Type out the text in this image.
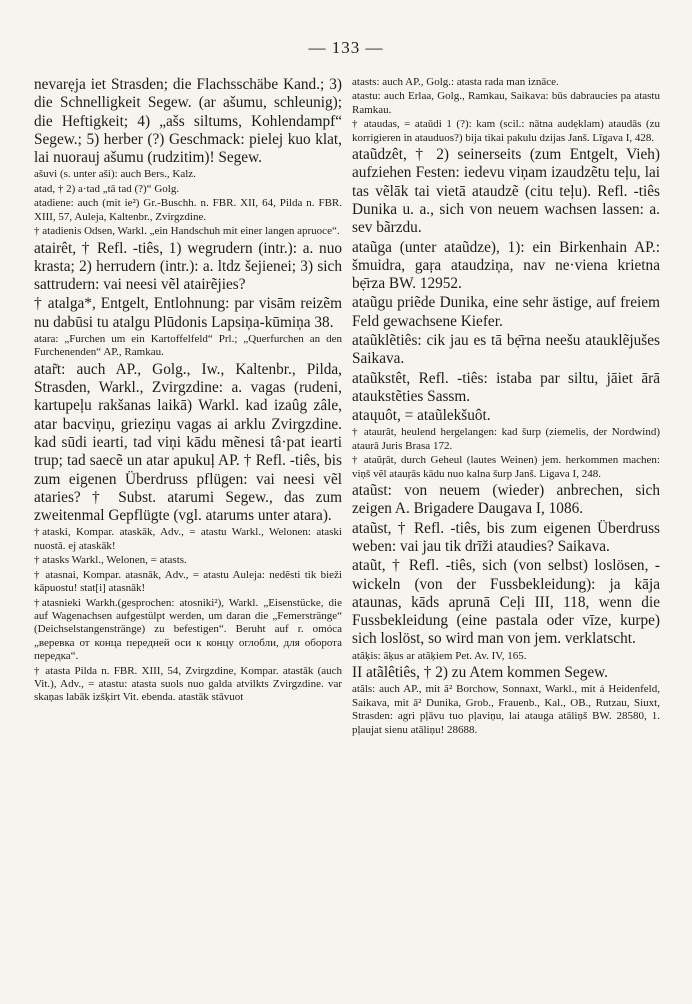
— 133 —

nevarẹja iet Strasden; die Flachsschäbe Kand.; 3) die Schnelligkeit Segew. (ar ašumu, schleunig); die Heftigkeit; 4) „ašs siltums, Kohlendampf“ Segew.; 5) herber (?) Geschmack: pielej kuo klat, lai nuorauj ašumu (rudzitim)! Segew.

ašuvi (s. unter aši): auch Bers., Kalz.

atad, † 2) a·tad „tā tad (?)“ Golg.

atadiene: auch (mit ie²) Gr.-Buschh. n. FBR. XII, 64, Pilda n. FBR. XIII, 57, Auleja, Kaltenbr., Zvirgzdine.

† atadienis Odsen, Warkl. „ein Handschuh mit einer langen apruoce“.

atairêt, † Refl. -tiês, 1) wegrudern (intr.): a. nuo krasta; 2) herrudern (intr.): a. ltdz šejienei; 3) sich sattrudern: vai neesi vẽl atairẽjies?

† atalga*, Entgelt, Entlohnung: par visām reizẽm nu dabūsi tu atalgu Plūdonis Lapsiņa-kūmiņa 38.

atara: „Furchen um ein Kartoffelfeld“ Prl.; „Querfurchen an den Furchenenden“ AP., Ramkau.

atar̃t: auch AP., Golg., Iw., Kaltenbr., Pilda, Strasden, Warkl., Zvirgzdine: a. vagas (rudeni, kartupeļu rakšanas laikā) Warkl. kad izaûg zâle, atar bacviņu, grieziņu vagas ai arklu Zvirgzdine. kad sūdi iearti, tad viņi kādu mẽnesi tâ·pat iearti trup; tad saecẽ un atar apukuļ AP. † Refl. -tiês, bis zum eigenen Überdruss pflügen: vai neesi vẽl ataries? † Subst. atarumi Segew., das zum zweitenmal Gepflügte (vgl. atarums unter atara).

†ataski, Kompar. ataskāk, Adv., = atastu Warkl., Welonen: ataski nuostā. ej ataskāk!

† atasks Warkl., Welonen, = atasts.

† atasnai, Kompar. atasnāk, Adv., = atastu Auleja: nedẽsti tik bieži kāpuostu! stat[i] atasnāk!

†atasnieki Warkh.(gesprochen: atosniki²), Warkl. „Eisenstücke, die auf Wagenachsen aufgestülpt werden, um daran die „Femerstränge“ (Deichselstangenstränge) zu befestigen“. Beruht auf r. omóca „веревка от конца передней оси к концу оглобли, для оборота передка“.

† atasta Pilda n. FBR. XIII, 54, Zvirgzdine, Kompar. atastāk (auch Vit.), Adv., = atastu: atasta suols nuo galda atvilkts Zvirgzdine. var skaņas labāk izšķirt Vit. ebenda. atastāk stāvuot

atasts: auch AP., Golg.: atasta rada man iznāce.

atastu: auch Erlaa, Golg., Ramkau, Saikava: būs dabraucies pa atastu Ramkau.

† ataudas, = ataūdi 1 (?): kam (scil.: nātna audẹklam) ataudās (zu korrigieren in atauduos?) bija tikai pakulu dzijas Janš. Līgava I, 428.

ataũdzêt, † 2) seinerseits (zum Entgelt, Vieh) aufziehen Festen: iedevu viņam izaudzẽtu teļu, lai tas vẽlāk tai vietā ataudzẽ (citu teļu). Refl. -tiês Dunika u. a., sich von neuem wachsen lassen: a. sev bãrzdu.

ataũga (unter ataũdze), 1): ein Birkenhain AP.: šmuidra, gaŗa ataudziņa, nav ne·viena krietna bẹ̄rza BW. 12952.

ataũgu priẽde Dunika, eine sehr ästige, auf freiem Feld gewachsene Kiefer.

ataũklẽtiês: cik jau es tā bẹ̄rna neešu atauklẽjušes Saikava.

ataũkstêt, Refl. -tiês: istaba par siltu, jāiet ārā ataukstẽties Sassm.

ataųuôt, = ataũlekšuôt.

† ataurât, heulend hergelangen: kad šurp (ziemelis, der Nordwind) ataurā Juris Brasa 172.

† ataũŗât, durch Geheul (lautes Weinen) jem. herkommen machen: viņš vẽl atauŗās kādu nuo kalna šurp Janš. Ligava I, 248.

ataũst: von neuem (wieder) anbrechen, sich zeigen A. Brigadere Daugava I, 1086.

ataũst, † Refl. -tiês, bis zum eigenen Überdruss weben: vai jau tik drīži ataudies? Saikava.

ataũt, † Refl. -tiês, sich (von selbst) loslösen, -wickeln (von der Fussbekleidung): ja kāja ataunas, kāds aprunā Ceļi III, 118, wenn die Fussbekleidung (eine pastala oder vīze, kurpe) sich loslöst, so wird man von jem. verklatscht.

atãķis: ãķus ar atãķiem Pet. Av. IV, 165.

II atãlêtiês, † 2) zu Atem kommen Segew.

atãls: auch AP., mit ã² Borchow, Sonnaxt, Warkl., mit á Heidenfeld, Saikava, mit ā² Dunika, Grob., Frauenb., Kal., OB., Rutzau, Siuxt, Strasden: agri pļāvu tuo pļaviņu, lai atauga atāliņš BW. 28580, 1. pļaujat sienu atāliņu! 28688.
